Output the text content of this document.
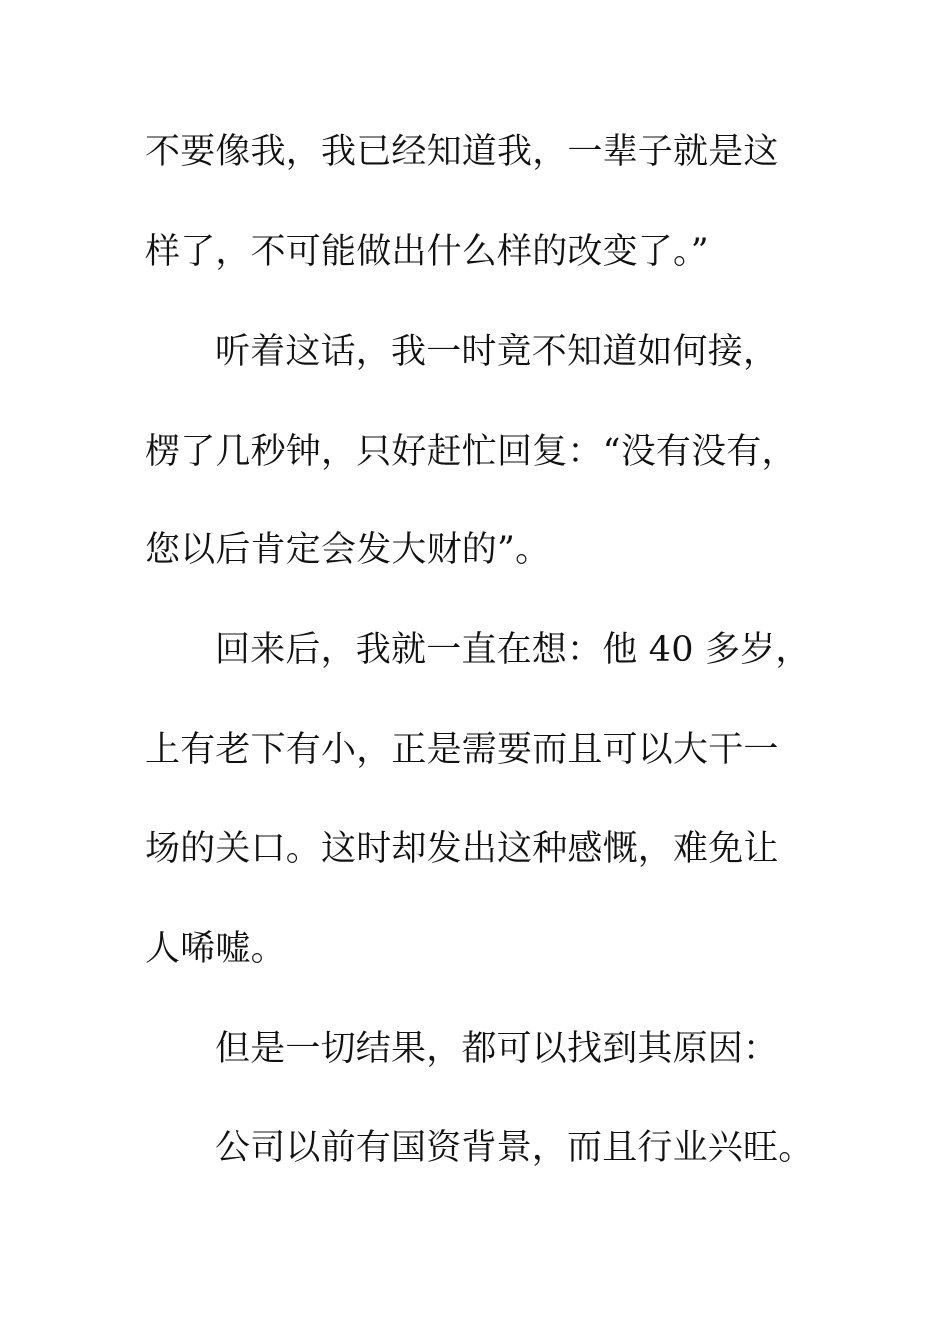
不要像我，我已经知道我，一辈子就是这
样了，不可能做出什么样的改变了。”
听着这话，我一时竟不知道如何接，
楞了几秒钟，只好赶忙回复：“没有没有，
您以后肯定会发大财的”。
回来后，我就一直在想：他 40 多岁，
上有老下有小，正是需要而且可以大干一
场的关口。这时却发出这种感慨，难免让
人唏嘘。
但是一切结果，都可以找到其原因：
公司以前有国资背景，而且行业兴旺。
